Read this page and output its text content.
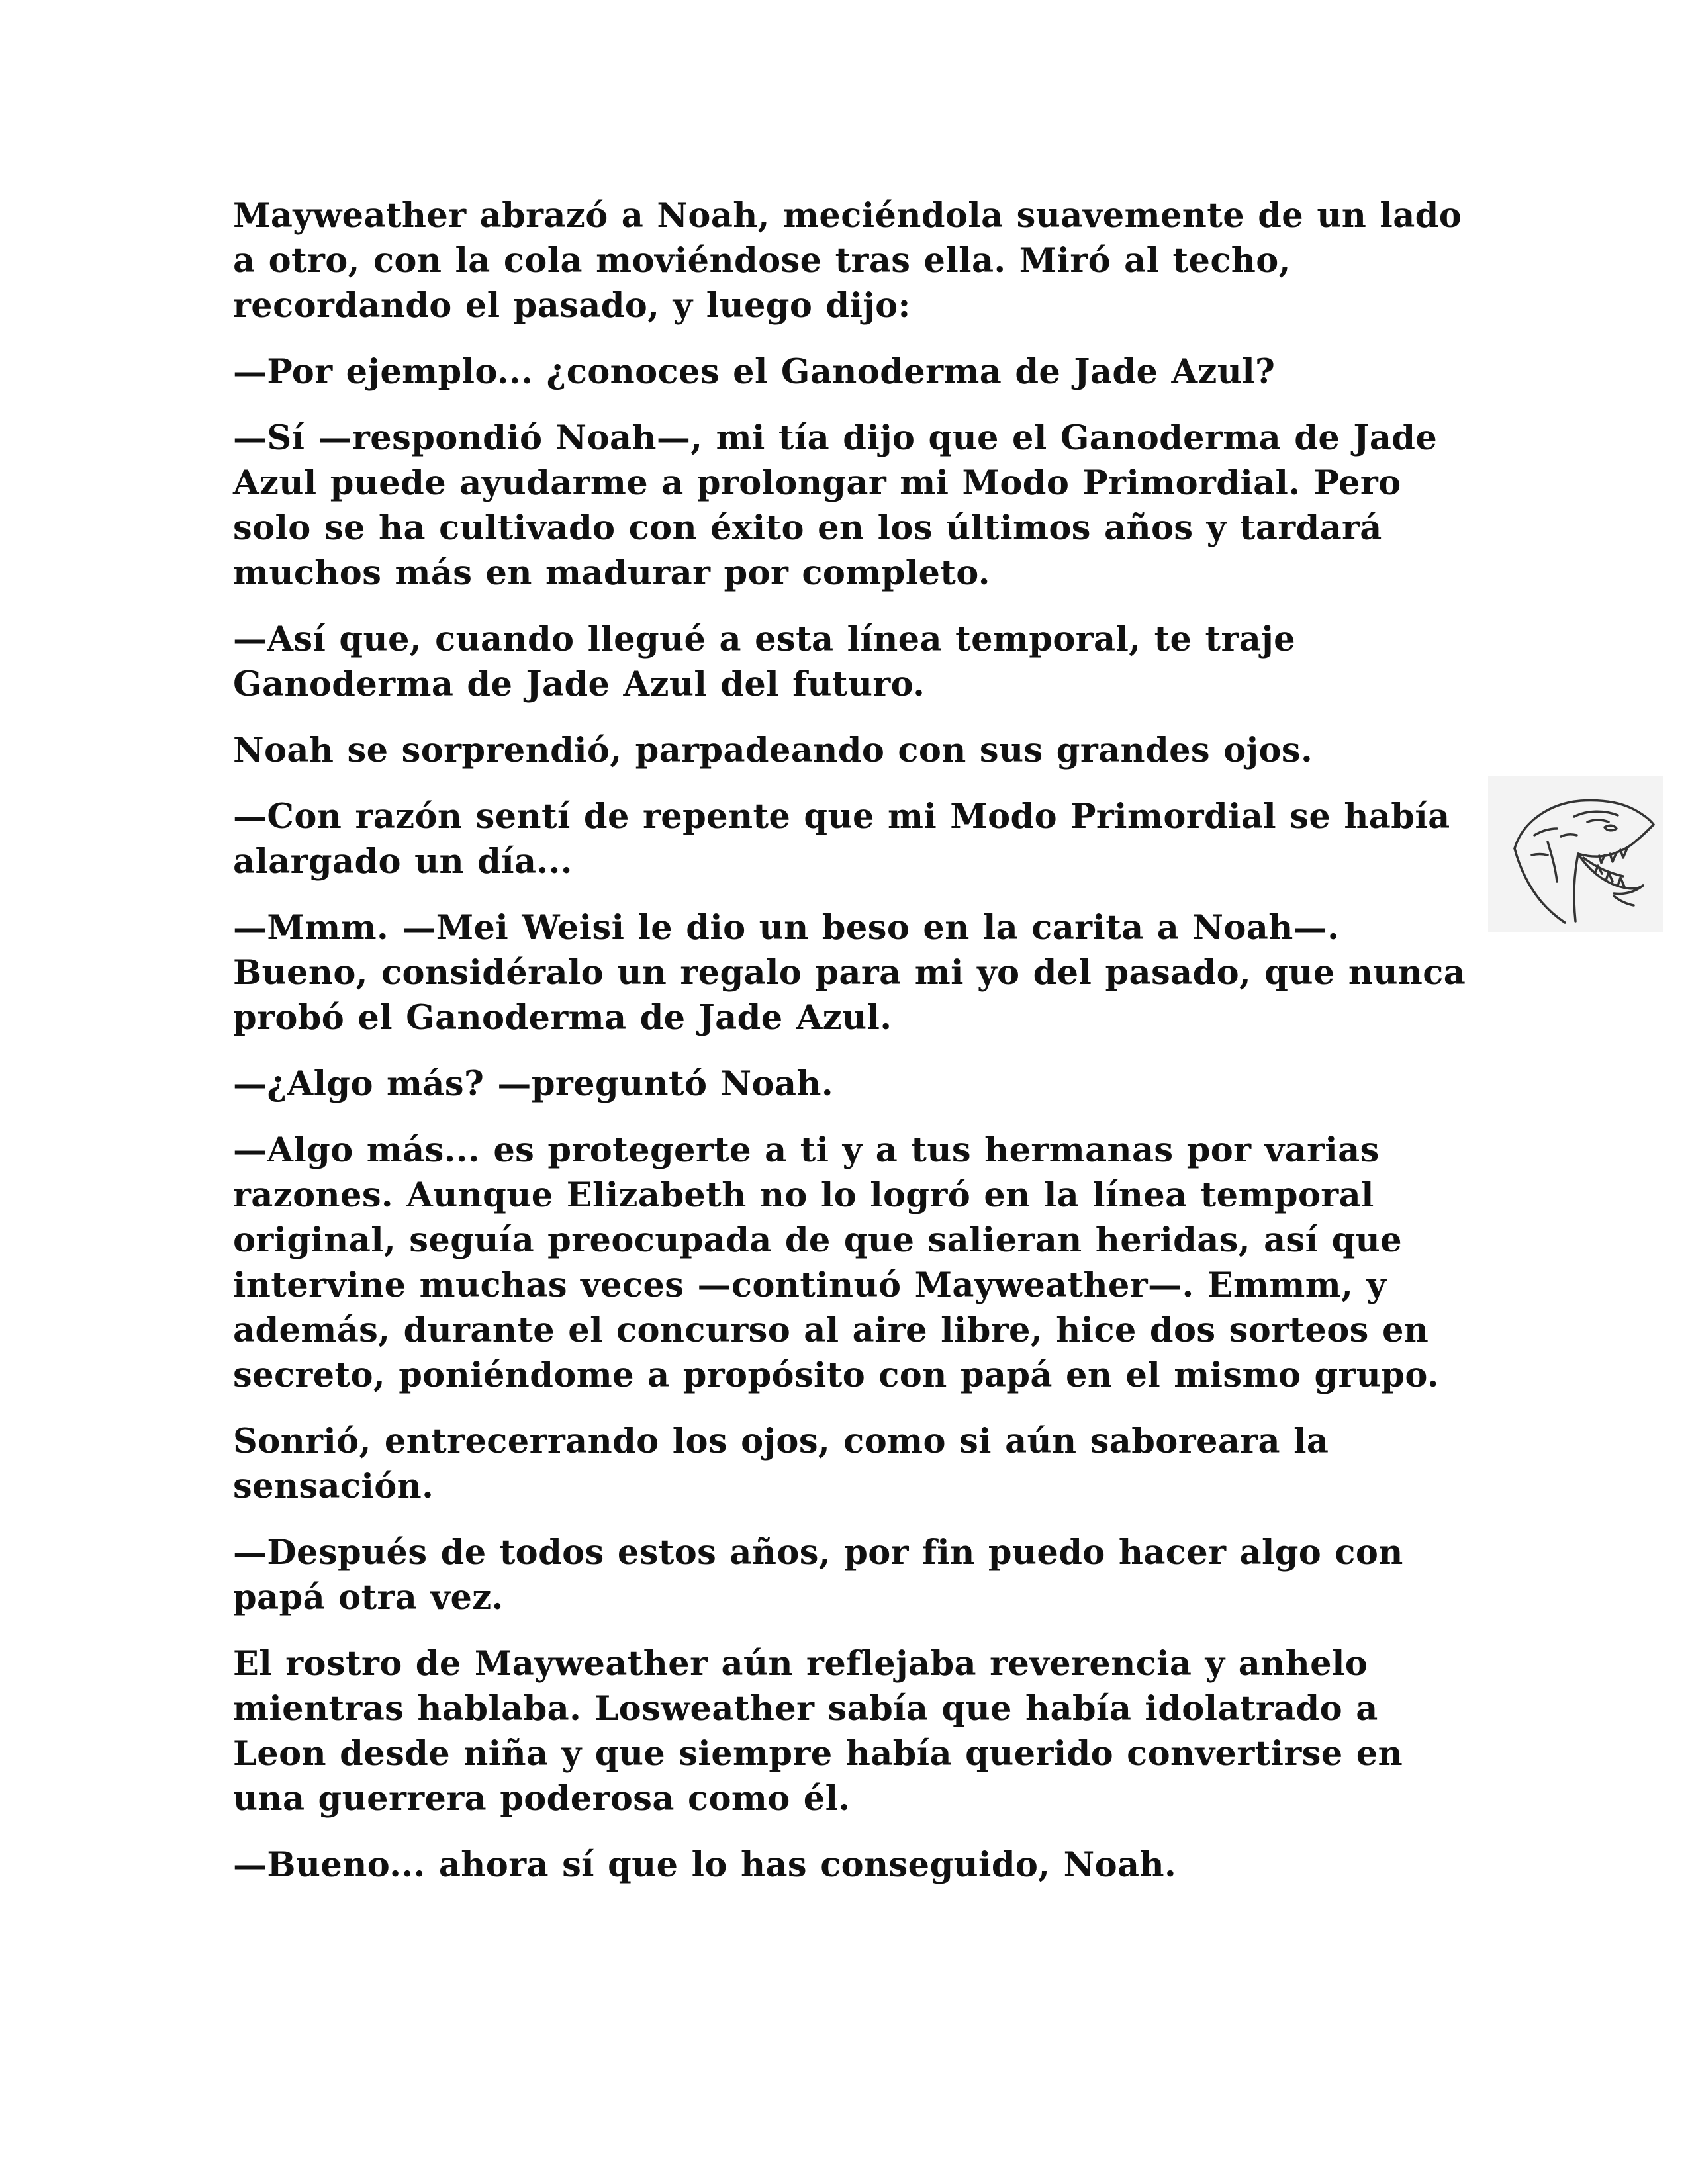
Mayweather abrazó a Noah, meciéndola suavemente de un lado a otro, con la cola moviéndose tras ella. Miró al techo, recordando el pasado, y luego dijo:

—Por ejemplo... ¿conoces el Ganoderma de Jade Azul?

—Sí —respondió Noah—, mi tía dijo que el Ganoderma de Jade Azul puede ayudarme a prolongar mi Modo Primordial. Pero solo se ha cultivado con éxito en los últimos años y tardará muchos más en madurar por completo.

—Así que, cuando llegué a esta línea temporal, te traje Ganoderma de Jade Azul del futuro.

Noah se sorprendió, parpadeando con sus grandes ojos.

—Con razón sentí de repente que mi Modo Primordial se había alargado un día...

—Mmm. —Mei Weisi le dio un beso en la carita a Noah—. Bueno, considéralo un regalo para mi yo del pasado, que nunca probó el Ganoderma de Jade Azul.

—¿Algo más? —preguntó Noah.

—Algo más... es protegerte a ti y a tus hermanas por varias razones. Aunque Elizabeth no lo logró en la línea temporal original, seguía preocupada de que salieran heridas, así que intervine muchas veces —continuó Mayweather—. Emmm, y además, durante el concurso al aire libre, hice dos sorteos en secreto, poniéndome a propósito con papá en el mismo grupo.

Sonrió, entrecerrando los ojos, como si aún saboreara la sensación.

—Después de todos estos años, por fin puedo hacer algo con papá otra vez.

El rostro de Mayweather aún reflejaba reverencia y anhelo mientras hablaba. Losweather sabía que había idolatrado a Leon desde niña y que siempre había querido convertirse en una guerrera poderosa como él.

—Bueno... ahora sí que lo has conseguido, Noah.
